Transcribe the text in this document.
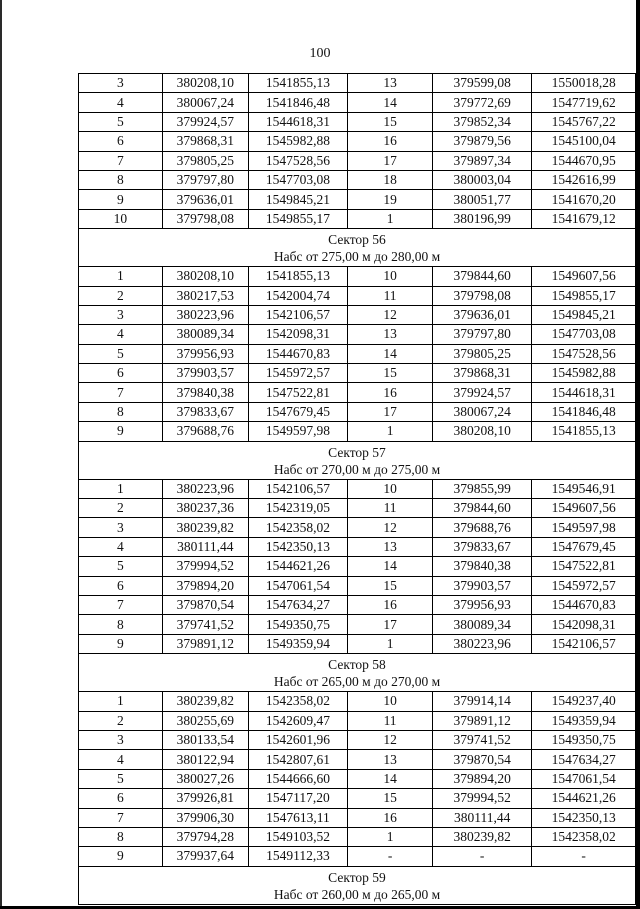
100
3	380208,10	1541855,13	13	379599,08	1550018,28
4	380067,24	1541846,48	14	379772,69	1547719,62
5	379924,57	1544618,31	15	379852,34	1545767,22
6	379868,31	1545982,88	16	379879,56	1545100,04
7	379805,25	1547528,56	17	379897,34	1544670,95
8	379797,80	1547703,08	18	380003,04	1542616,99
9	379636,01	1549845,21	19	380051,77	1541670,20
10	379798,08	1549855,17	1	380196,99	1541679,12

Сектор 56
Набс от 275,00 м до 280,00 м					

1	380208,10	1541855,13	10	379844,60	1549607,56
2	380217,53	1542004,74	11	379798,08	1549855,17
3	380223,96	1542106,57	12	379636,01	1549845,21
4	380089,34	1542098,31	13	379797,80	1547703,08
5	379956,93	1544670,83	14	379805,25	1547528,56
6	379903,57	1545972,57	15	379868,31	1545982,88
7	379840,38	1547522,81	16	379924,57	1544618,31
8	379833,67	1547679,45	17	380067,24	1541846,48
9	379688,76	1549597,98	1	380208,10	1541855,13

Сектор 57
Набс от 270,00 м до 275,00 м					

1	380223,96	1542106,57	10	379855,99	1549546,91
2	380237,36	1542319,05	11	379844,60	1549607,56
3	380239,82	1542358,02	12	379688,76	1549597,98
4	380111,44	1542350,13	13	379833,67	1547679,45
5	379994,52	1544621,26	14	379840,38	1547522,81
6	379894,20	1547061,54	15	379903,57	1545972,57
7	379870,54	1547634,27	16	379956,93	1544670,83
8	379741,52	1549350,75	17	380089,34	1542098,31
9	379891,12	1549359,94	1	380223,96	1542106,57

Сектор 58
Набс от 265,00 м до 270,00 м					

1	380239,82	1542358,02	10	379914,14	1549237,40
2	380255,69	1542609,47	11	379891,12	1549359,94
3	380133,54	1542601,96	12	379741,52	1549350,75
4	380122,94	1542807,61	13	379870,54	1547634,27
5	380027,26	1544666,60	14	379894,20	1547061,54
6	379926,81	1547117,20	15	379994,52	1544621,26
7	379906,30	1547613,11	16	380111,44	1542350,13
8	379794,28	1549103,52	1	380239,82	1542358,02
9	379937,64	1549112,33	-	-	-

Сектор 59
Набс от 260,00 м до 265,00 м					
